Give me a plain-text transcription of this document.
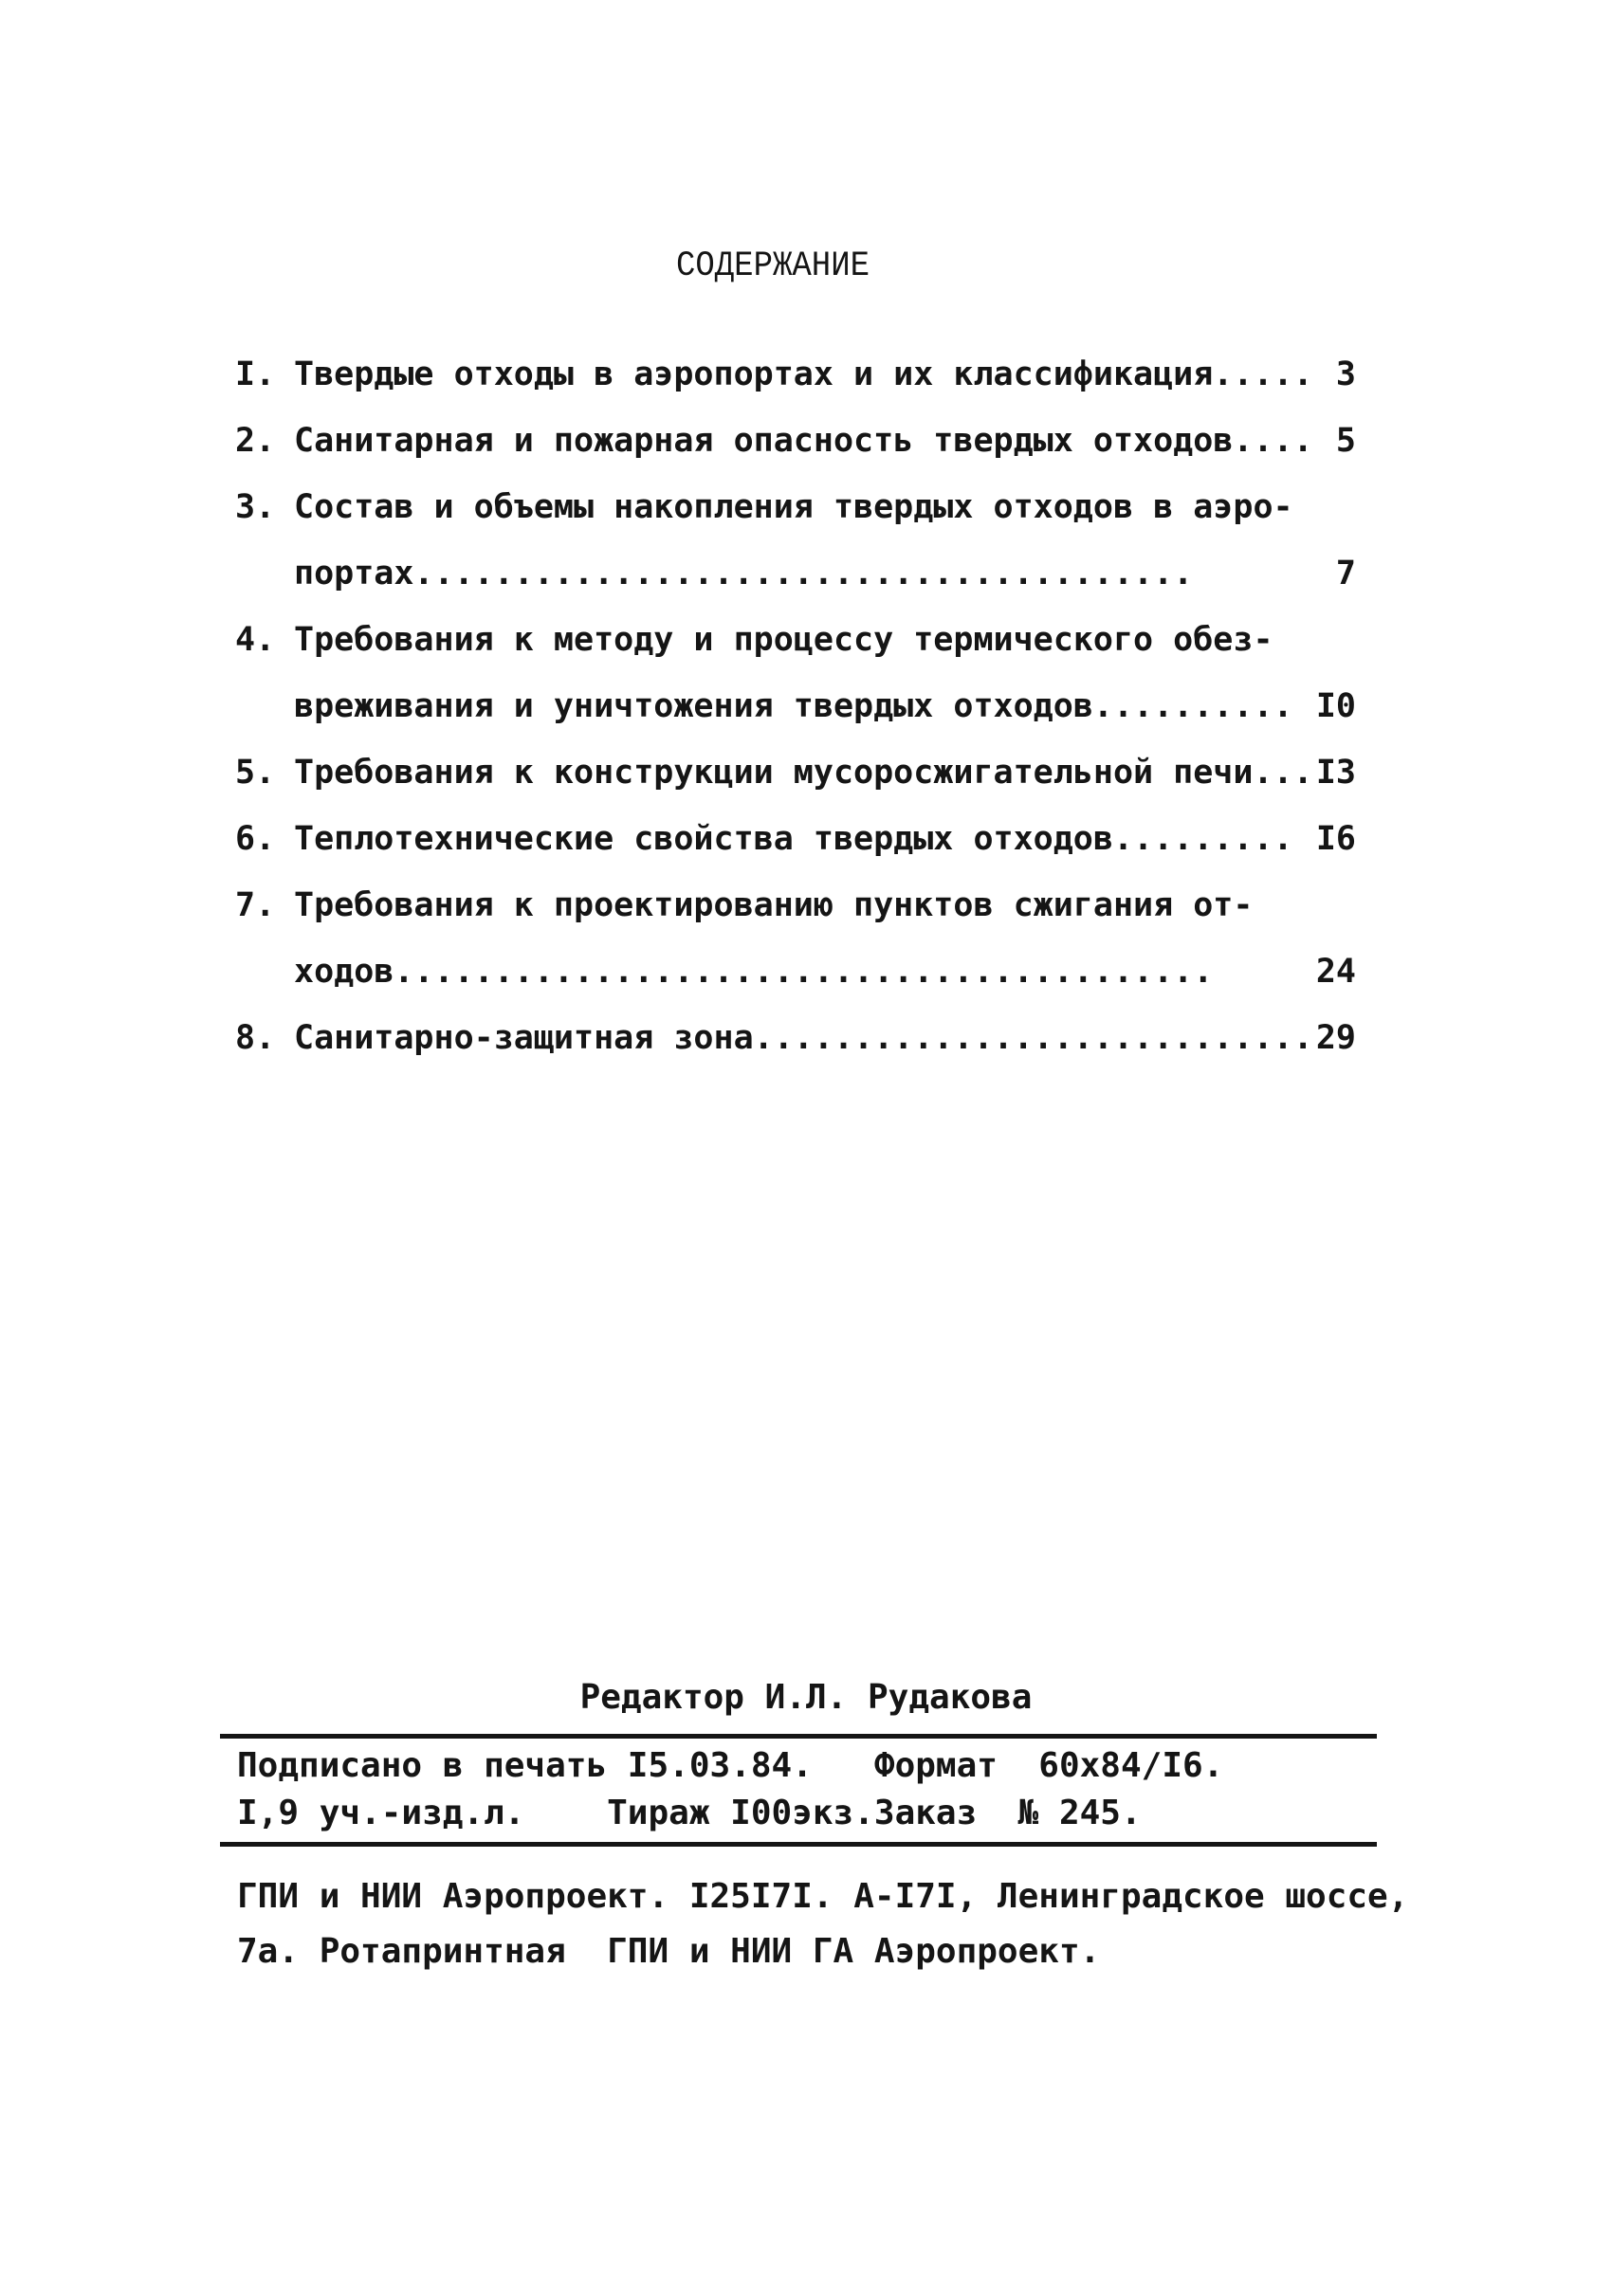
СОДЕРЖАНИЕ
I. Твердые отходы в аэропортах и их классификация..... 3
2. Санитарная и пожарная опасность твердых отходов.... 5
3. Состав и объемы накопления твердых отходов в аэро-
портах.......................................	7
4. Требования к методу и процессу термического обез-
вреживания и уничтожения твердых отходов.......... I0
5. Требования к конструкции мусоросжигательной печи... I3
6. Теплотехнические свойства твердых отходов......... I6
7. Требования к проектированию пунктов сжигания от-
ходов.........................................	24
8. Санитарно-защитная зона............................ 29
Редактор И.Л. Рудакова
Подписано в печать I5.03.84.   Формат  60х84/I6.
I,9 уч.-изд.л.    Тираж I00экз.Заказ  № 245.
ГПИ и НИИ Аэропроект. I25I7I. А-I7I, Ленинградское шоссе,
7а. Ротапринтная  ГПИ и НИИ ГА Аэропроект.
